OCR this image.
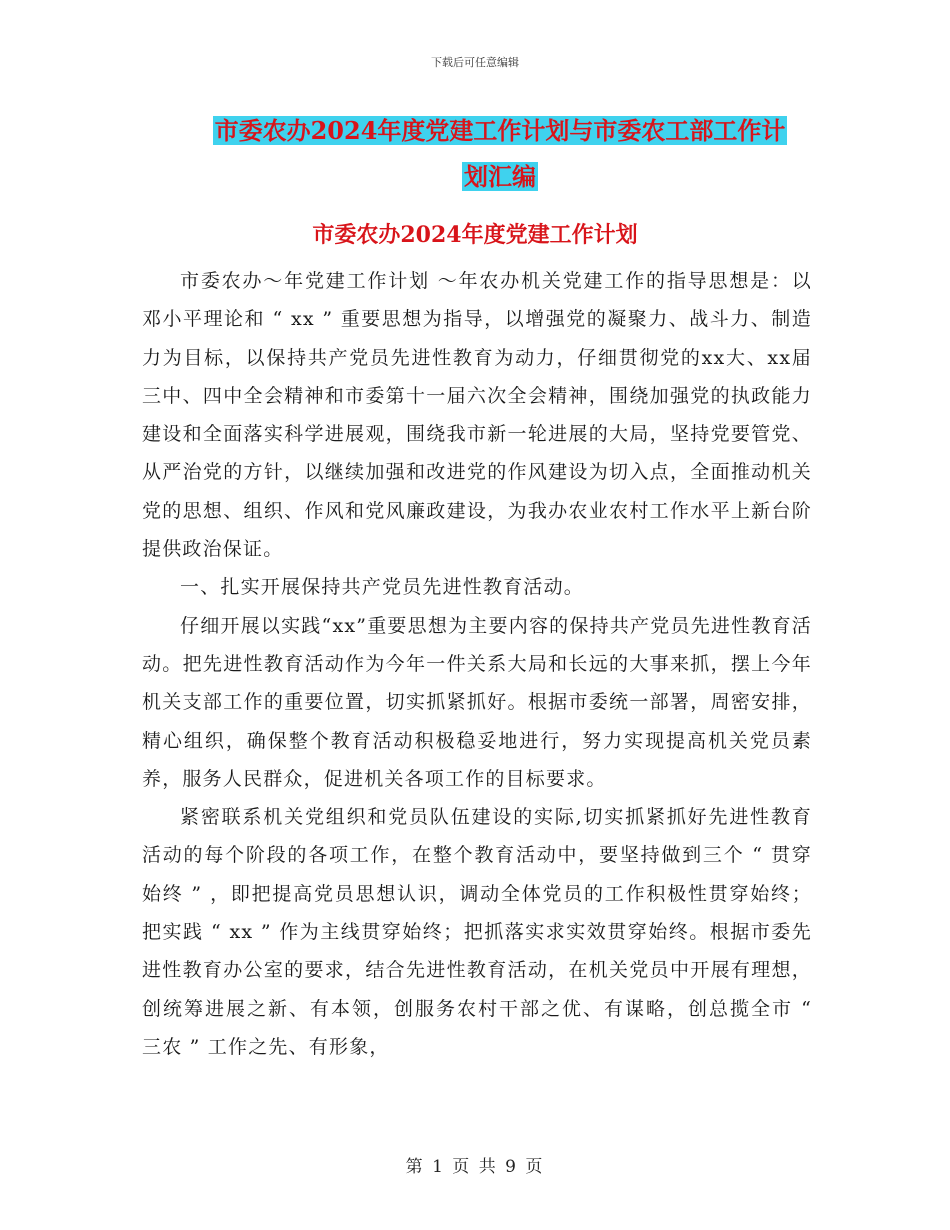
下载后可任意编辑
市委农办2024年度党建工作计划与市委农工部工作计
划汇编
市委农办2024年度党建工作计划

市委农办～年党建工作计划 ～年农办机关党建工作的指导思想是：以邓小平理论和 “ xx ” 重要思想为指导，以增强党的凝聚力、战斗力、制造力为目标，以保持共产党员先进性教育为动力，仔细贯彻党的xx大、xx届三中、四中全会精神和市委第十一届六次全会精神，围绕加强党的执政能力建设和全面落实科学进展观，围绕我市新一轮进展的大局，坚持党要管党、从严治党的方针，以继续加强和改进党的作风建设为切入点，全面推动机关党的思想、组织、作风和党风廉政建设，为我办农业农村工作水平上新台阶提供政治保证。

一、扎实开展保持共产党员先进性教育活动。

仔细开展以实践“xx”重要思想为主要内容的保持共产党员先进性教育活动。把先进性教育活动作为今年一件关系大局和长远的大事来抓，摆上今年机关支部工作的重要位置，切实抓紧抓好。根据市委统一部署，周密安排，精心组织，确保整个教育活动积极稳妥地进行，努力实现提高机关党员素养，服务人民群众，促进机关各项工作的目标要求。

紧密联系机关党组织和党员队伍建设的实际,切实抓紧抓好先进性教育活动的每个阶段的各项工作，在整个教育活动中，要坚持做到三个 “ 贯穿始终 ” ，即把提高党员思想认识，调动全体党员的工作积极性贯穿始终；把实践 “ xx ” 作为主线贯穿始终；把抓落实求实效贯穿始终。根据市委先进性教育办公室的要求，结合先进性教育活动，在机关党员中开展有理想，创统筹进展之新、有本领，创服务农村干部之优、有谋略，创总揽全市 “ 三农 ” 工作之先、有形象，

第 1 页 共 9 页
